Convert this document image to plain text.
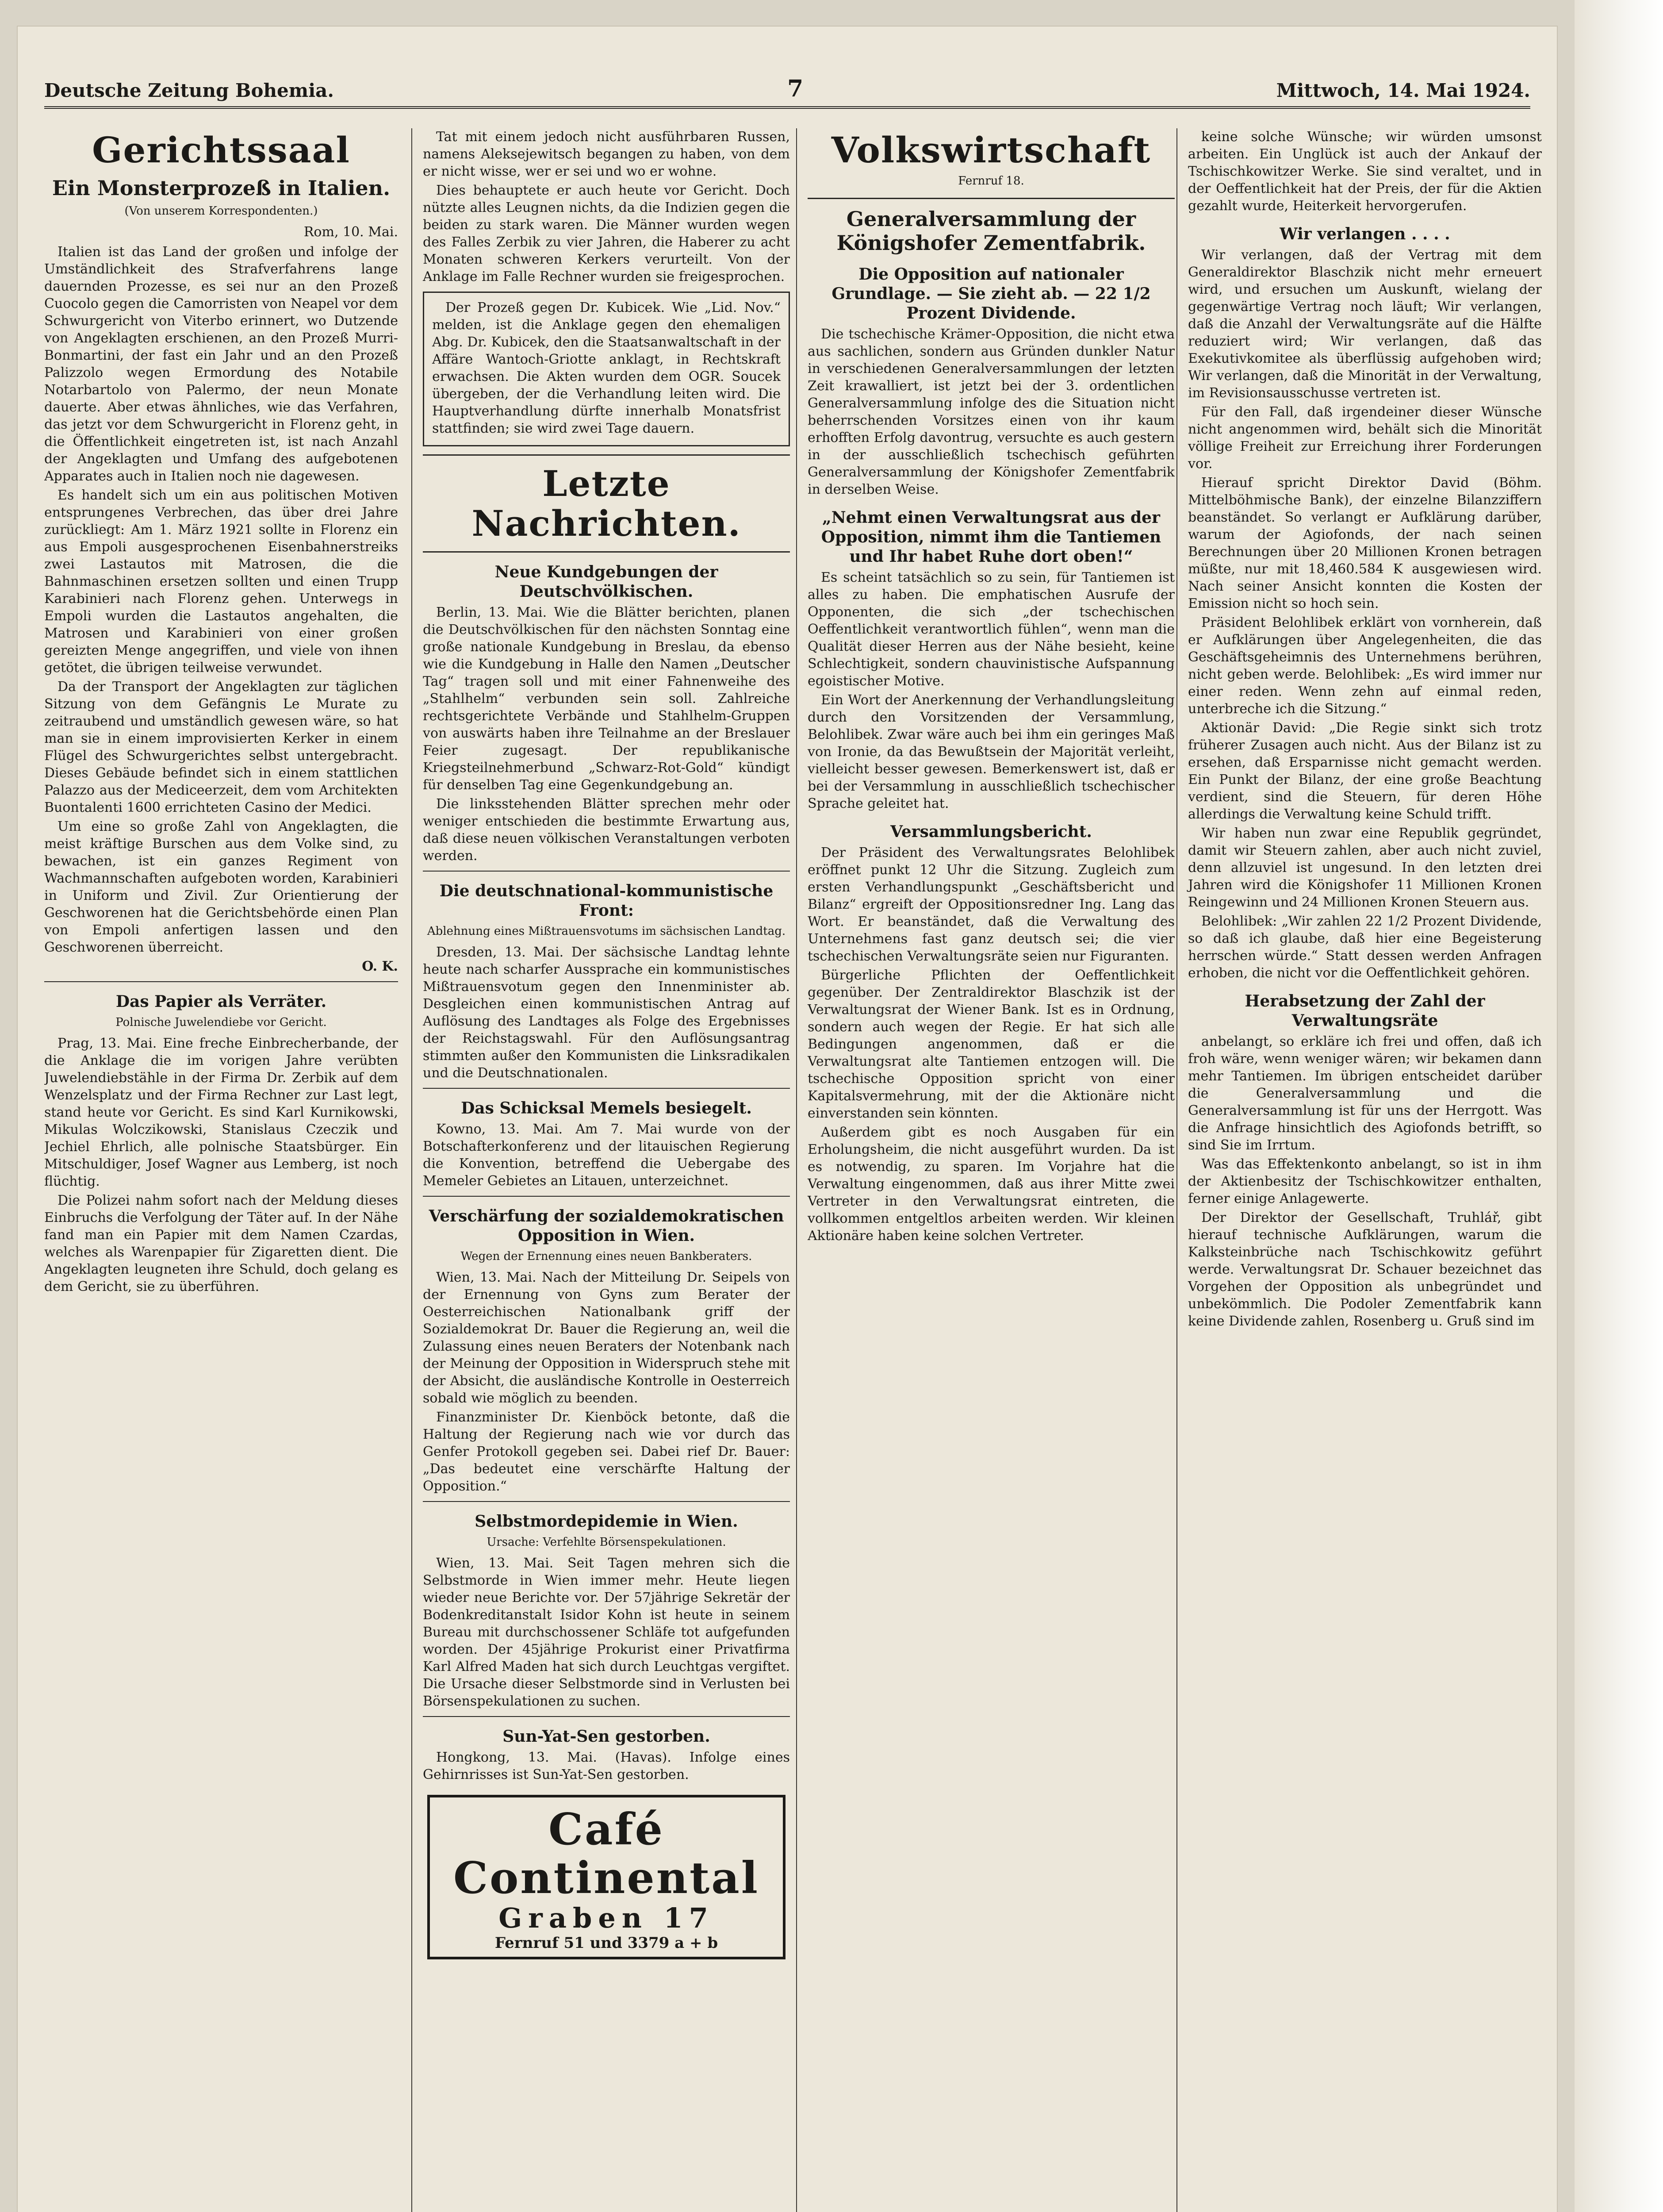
Deutsche Zeitung Bohemia.	7	Mittwoch, 14. Mai 1924.
Gerichtssaal
Ein Monsterprozeß in Italien.
(Von unserem Korrespondenten.)
Rom, 10. Mai.

Italien ist das Land der großen und infolge der Umständlichkeit des Strafverfahrens lange dauernden Prozesse, es sei nur an den Prozeß Cuocolo gegen die Camorristen von Neapel vor dem Schwurgericht von Viterbo erinnert, wo Dutzende von Angeklagten erschienen, an den Prozeß Murri-Bonmartini, der fast ein Jahr und an den Prozeß Palizzolo wegen Ermordung des Notabile Notarbartolo von Palermo, der neun Monate dauerte. Aber etwas ähnliches, wie das Verfahren, das jetzt vor dem Schwurgericht in Florenz geht, in die Öffentlichkeit eingetreten ist, ist nach Anzahl der Angeklagten und Umfang des aufgebotenen Apparates auch in Italien noch nie dagewesen.

Es handelt sich um ein aus politischen Motiven entsprungenes Verbrechen, das über drei Jahre zurückliegt: Am 1. März 1921 sollte in Florenz ein aus Empoli ausgesprochenen Eisenbahnerstreiks zwei Lastautos mit Matrosen, die die Bahnmaschinen ersetzen sollten und einen Trupp Karabinieri nach Florenz gehen. Unterwegs in Empoli wurden die Lastautos angehalten, die Matrosen und Karabinieri von einer großen gereizten Menge angegriffen, und viele von ihnen getötet, die übrigen teilweise verwundet.

Da der Transport der Angeklagten zur täglichen Sitzung von dem Gefängnis Le Murate zu zeitraubend und umständlich gewesen wäre, so hat man sie in einem improvisierten Kerker in einem Flügel des Schwurgerichtes selbst untergebracht. Dieses Gebäude befindet sich in einem stattlichen Palazzo aus der Mediceerzeit, dem vom Architekten Buontalenti 1600 errichteten Casino der Medici.

Um eine so große Zahl von Angeklagten, die meist kräftige Burschen aus dem Volke sind, zu bewachen, ist ein ganzes Regiment von Wachmannschaften aufgeboten worden, Karabinieri in Uniform und Zivil. Zur Orientierung der Geschworenen hat die Gerichtsbehörde einen Plan von Empoli anfertigen lassen und den Geschworenen überreicht.

O. K.
Das Papier als Verräter.
Polnische Juwelendiebe vor Gericht.

Prag, 13. Mai. Eine freche Einbrecherbande, der die Anklage die im vorigen Jahre verübten Juwelendiebstähle in der Firma Dr. Zerbik auf dem Wenzelsplatz und der Firma Rechner zur Last legt, stand heute vor Gericht. Es sind Karl Kurnikowski, Mikulas Wolczikowski, Stanislaus Czeczik und Jechiel Ehrlich, alle polnische Staatsbürger. Ein Mitschuldiger, Josef Wagner aus Lemberg, ist noch flüchtig.

Die Polizei nahm sofort nach der Meldung dieses Einbruchs die Verfolgung der Täter auf. In der Nähe fand man ein Papier mit dem Namen Czardas, welches als Warenpapier für Zigaretten dient. Die Angeklagten leugneten ihre Schuld, doch gelang es dem Gericht, sie zu überführen.

Tat mit einem jedoch nicht ausführbaren Russen, namens Aleksejewitsch begangen zu haben, von dem er nicht wisse, wer er sei und wo er wohne.

Dies behauptete er auch heute vor Gericht. Doch nützte alles Leugnen nichts, da die Indizien gegen die beiden zu stark waren. Die Männer wurden wegen des Falles Zerbik zu vier Jahren, die Haberer zu acht Monaten schweren Kerkers verurteilt. Von der Anklage im Falle Rechner wurden sie freigesprochen.

Der Prozeß gegen Dr. Kubicek. Wie „Lid. Nov.“ melden, ist die Anklage gegen den ehemaligen Abg. Dr. Kubicek, den die Staatsanwaltschaft in der Affäre Wantoch-Griotte anklagt, in Rechtskraft erwachsen. Die Akten wurden dem OGR. Soucek übergeben, der die Verhandlung leiten wird. Die Hauptverhandlung dürfte innerhalb Monatsfrist stattfinden; sie wird zwei Tage dauern.

Letzte Nachrichten.
Neue Kundgebungen der Deutschvölkischen.

Berlin, 13. Mai. Wie die Blätter berichten, planen die Deutschvölkischen für den nächsten Sonntag eine große nationale Kundgebung in Breslau, da ebenso wie die Kundgebung in Halle den Namen „Deutscher Tag“ tragen soll und mit einer Fahnenweihe des „Stahlhelm“ verbunden sein soll. Zahlreiche rechtsgerichtete Verbände und Stahlhelm-Gruppen von auswärts haben ihre Teilnahme an der Breslauer Feier zugesagt. Der republikanische Kriegsteilnehmerbund „Schwarz-Rot-Gold“ kündigt für denselben Tag eine Gegenkundgebung an.

Die linksstehenden Blätter sprechen mehr oder weniger entschieden die bestimmte Erwartung aus, daß diese neuen völkischen Veranstaltungen verboten werden.

Die deutschnational-kommunistische Front:
Ablehnung eines Mißtrauensvotums im sächsischen Landtag.

Dresden, 13. Mai. Der sächsische Landtag lehnte heute nach scharfer Aussprache ein kommunistisches Mißtrauensvotum gegen den Innenminister ab. Desgleichen einen kommunistischen Antrag auf Auflösung des Landtages als Folge des Ergebnisses der Reichstagswahl. Für den Auflösungsantrag stimmten außer den Kommunisten die Linksradikalen und die Deutschnationalen.

Das Schicksal Memels besiegelt.

Kowno, 13. Mai. Am 7. Mai wurde von der Botschafterkonferenz und der litauischen Regierung die Konvention, betreffend die Uebergabe des Memeler Gebietes an Litauen, unterzeichnet.

Verschärfung der sozialdemokratischen Opposition in Wien.
Wegen der Ernennung eines neuen Bankberaters.

Wien, 13. Mai. Nach der Mitteilung Dr. Seipels von der Ernennung von Gyns zum Berater der Oesterreichischen Nationalbank griff der Sozialdemokrat Dr. Bauer die Regierung an, weil die Zulassung eines neuen Beraters der Notenbank nach der Meinung der Opposition in Widerspruch stehe mit der Absicht, die ausländische Kontrolle in Oesterreich sobald wie möglich zu beenden.

Finanzminister Dr. Kienböck betonte, daß die Haltung der Regierung nach wie vor durch das Genfer Protokoll gegeben sei. Dabei rief Dr. Bauer: „Das bedeutet eine verschärfte Haltung der Opposition.“

Selbstmordepidemie in Wien.
Ursache: Verfehlte Börsenspekulationen.

Wien, 13. Mai. Seit Tagen mehren sich die Selbstmorde in Wien immer mehr. Heute liegen wieder neue Berichte vor. Der 57jährige Sekretär der Bodenkreditanstalt Isidor Kohn ist heute in seinem Bureau mit durchschossener Schläfe tot aufgefunden worden. Der 45jährige Prokurist einer Privatfirma Karl Alfred Maden hat sich durch Leuchtgas vergiftet. Die Ursache dieser Selbstmorde sind in Verlusten bei Börsenspekulationen zu suchen.

Sun-Yat-Sen gestorben.

Hongkong, 13. Mai. (Havas). Infolge eines Gehirnrisses ist Sun-Yat-Sen gestorben.

Café Continental
Graben 17
Fernruf 51 und 3379 a + b
Volkswirtschaft
Fernruf 18.
Generalversammlung der Königshofer Zementfabrik.
Die Opposition auf nationaler Grundlage. — Sie zieht ab. — 22 1/2 Prozent Dividende.

Die tschechische Krämer-Opposition, die nicht etwa aus sachlichen, sondern aus Gründen dunkler Natur in verschiedenen Generalversammlungen der letzten Zeit krawalliert, ist jetzt bei der 3. ordentlichen Generalversammlung infolge des die Situation nicht beherrschenden Vorsitzes einen von ihr kaum erhofften Erfolg davontrug, versuchte es auch gestern in der ausschließlich tschechisch geführten Generalversammlung der Königshofer Zementfabrik in derselben Weise.

„Nehmt einen Verwaltungsrat aus der Opposition, nimmt ihm die Tantiemen und Ihr habet Ruhe dort oben!“

Es scheint tatsächlich so zu sein, für Tantiemen ist alles zu haben. Die emphatischen Ausrufe der Opponenten, die sich „der tschechischen Oeffentlichkeit verantwortlich fühlen“, wenn man die Qualität dieser Herren aus der Nähe besieht, keine Schlechtigkeit, sondern chauvinistische Aufspannung egoistischer Motive.

Ein Wort der Anerkennung der Verhandlungsleitung durch den Vorsitzenden der Versammlung, Belohlibek. Zwar wäre auch bei ihm ein geringes Maß von Ironie, da das Bewußtsein der Majorität verleiht, vielleicht besser gewesen. Bemerkenswert ist, daß er bei der Versammlung in ausschließlich tschechischer Sprache geleitet hat.

Versammlungsbericht.

Der Präsident des Verwaltungsrates Belohlibek eröffnet punkt 12 Uhr die Sitzung. Zugleich zum ersten Verhandlungspunkt „Geschäftsbericht und Bilanz“ ergreift der Oppositionsredner Ing. Lang das Wort. Er beanständet, daß die Verwaltung des Unternehmens fast ganz deutsch sei; die vier tschechischen Verwaltungsräte seien nur Figuranten.

Bürgerliche Pflichten der Oeffentlichkeit gegenüber. Der Zentraldirektor Blaschzik ist der Verwaltungsrat der Wiener Bank. Ist es in Ordnung, sondern auch wegen der Regie. Er hat sich alle Bedingungen angenommen, daß er die Verwaltungsrat alte Tantiemen entzogen will. Die tschechische Opposition spricht von einer Kapitalsvermehrung, mit der die Aktionäre nicht einverstanden sein könnten.

Außerdem gibt es noch Ausgaben für ein Erholungsheim, die nicht ausgeführt wurden. Da ist es notwendig, zu sparen. Im Vorjahre hat die Verwaltung eingenommen, daß aus ihrer Mitte zwei Vertreter in den Verwaltungsrat eintreten, die vollkommen entgeltlos arbeiten werden. Wir kleinen Aktionäre haben keine solchen Vertreter.

keine solche Wünsche; wir würden umsonst arbeiten. Ein Unglück ist auch der Ankauf der Tschischkowitzer Werke. Sie sind veraltet, und in der Oeffentlichkeit hat der Preis, der für die Aktien gezahlt wurde, Heiterkeit hervorgerufen.

Wir verlangen . . . .

Wir verlangen, daß der Vertrag mit dem Generaldirektor Blaschzik nicht mehr erneuert wird, und ersuchen um Auskunft, wielang der gegenwärtige Vertrag noch läuft; Wir verlangen, daß die Anzahl der Verwaltungsräte auf die Hälfte reduziert wird; Wir verlangen, daß das Exekutivkomitee als überflüssig aufgehoben wird; Wir verlangen, daß die Minorität in der Verwaltung, im Revisionsausschusse vertreten ist.

Für den Fall, daß irgendeiner dieser Wünsche nicht angenommen wird, behält sich die Minorität völlige Freiheit zur Erreichung ihrer Forderungen vor.

Hierauf spricht Direktor David (Böhm. Mittelböhmische Bank), der einzelne Bilanzziffern beanständet. So verlangt er Aufklärung darüber, warum der Agiofonds, der nach seinen Berechnungen über 20 Millionen Kronen betragen müßte, nur mit 18,460.584 K ausgewiesen wird. Nach seiner Ansicht konnten die Kosten der Emission nicht so hoch sein.

Präsident Belohlibek erklärt von vornherein, daß er Aufklärungen über Angelegenheiten, die das Geschäftsgeheimnis des Unternehmens berühren, nicht geben werde. Belohlibek: „Es wird immer nur einer reden. Wenn zehn auf einmal reden, unterbreche ich die Sitzung.“

Aktionär David: „Die Regie sinkt sich trotz früherer Zusagen auch nicht. Aus der Bilanz ist zu ersehen, daß Ersparnisse nicht gemacht werden. Ein Punkt der Bilanz, der eine große Beachtung verdient, sind die Steuern, für deren Höhe allerdings die Verwaltung keine Schuld trifft.

Wir haben nun zwar eine Republik gegründet, damit wir Steuern zahlen, aber auch nicht zuviel, denn allzuviel ist ungesund. In den letzten drei Jahren wird die Königshofer 11 Millionen Kronen Reingewinn und 24 Millionen Kronen Steuern aus.

Belohlibek: „Wir zahlen 22 1/2 Prozent Dividende, so daß ich glaube, daß hier eine Begeisterung herrschen würde.“ Statt dessen werden Anfragen erhoben, die nicht vor die Oeffentlichkeit gehören.

Herabsetzung der Zahl der Verwaltungsräte

anbelangt, so erkläre ich frei und offen, daß ich froh wäre, wenn weniger wären; wir bekamen dann mehr Tantiemen. Im übrigen entscheidet darüber die Generalversammlung und die Generalversammlung ist für uns der Herrgott. Was die Anfrage hinsichtlich des Agiofonds betrifft, so sind Sie im Irrtum.

Was das Effektenkonto anbelangt, so ist in ihm der Aktienbesitz der Tschischkowitzer enthalten, ferner einige Anlagewerte.

Der Direktor der Gesellschaft, Truhlář, gibt hierauf technische Aufklärungen, warum die Kalksteinbrüche nach Tschischkowitz geführt werde. Verwaltungsrat Dr. Schauer bezeichnet das Vorgehen der Opposition als unbegründet und unbekömmlich. Die Podoler Zementfabrik kann keine Dividende zahlen, Rosenberg u. Gruß sind im
